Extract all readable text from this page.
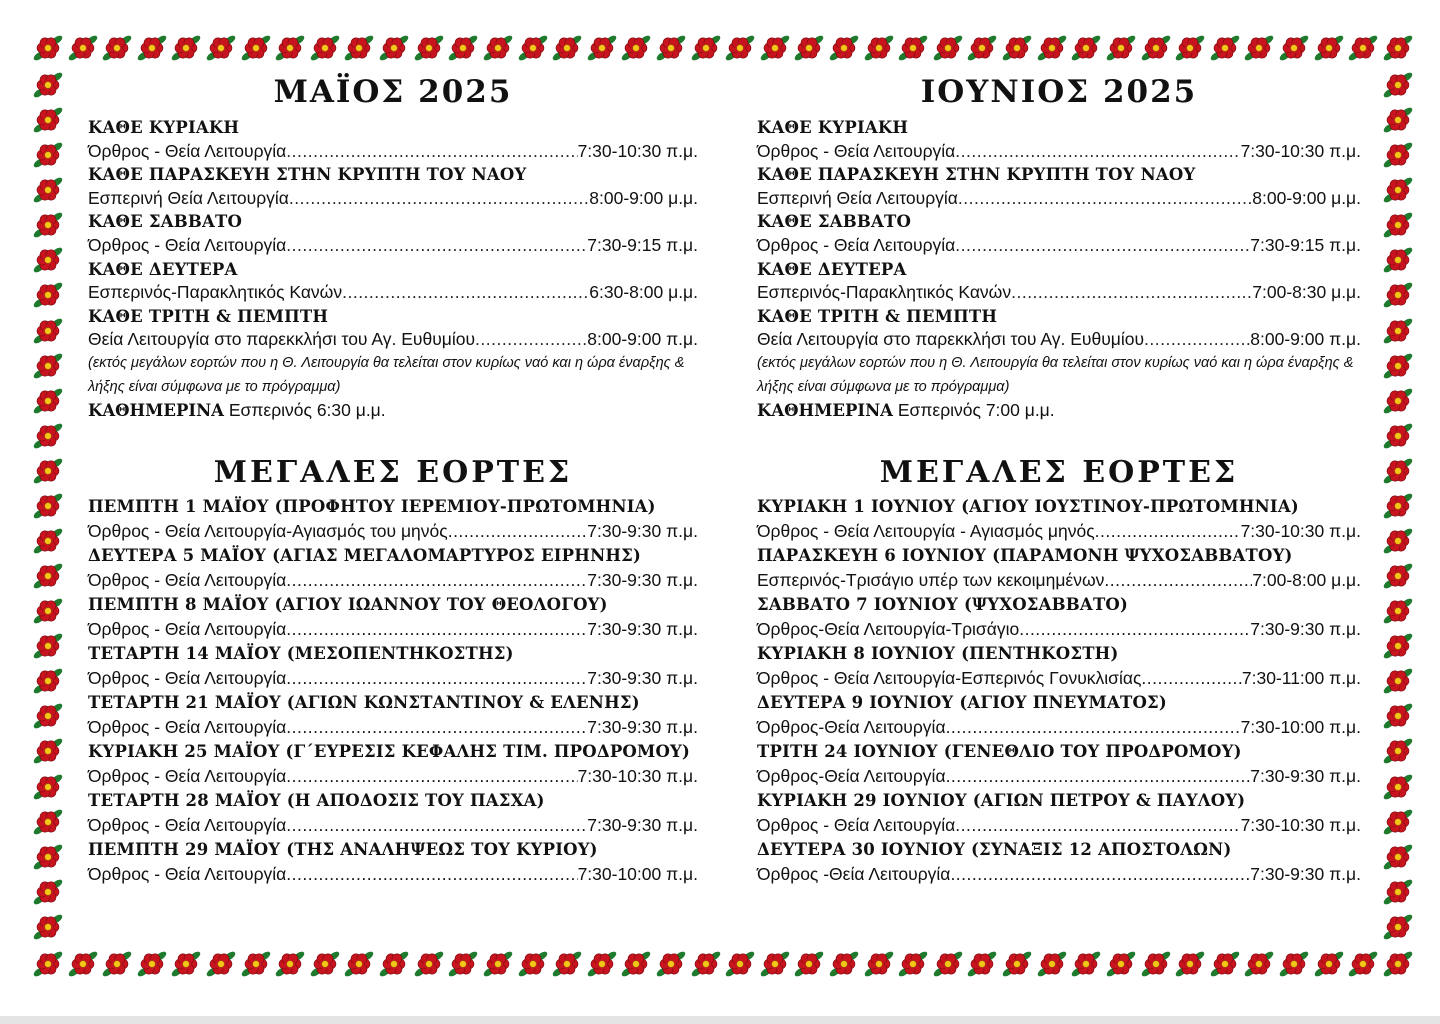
ΜΑΪΟΣ 2025
ΚΑΘΕ ΚΥΡΙΑΚΗ
Όρθρος - Θεία Λειτουργία .....	7:30-10:30 π.μ.
ΚΑΘΕ ΠΑΡΑΣΚΕΥΗ ΣΤΗΝ ΚΡΥΠΤΗ ΤΟΥ ΝΑΟΥ
Εσπερινή Θεία Λειτουργία .....	8:00-9:00 μ.μ.
ΚΑΘΕ ΣΑΒΒΑΤΟ
Όρθρος - Θεία Λειτουργία .....	7:30-9:15 π.μ.
ΚΑΘΕ ΔΕΥΤΕΡΑ
Εσπερινός-Παρακλητικός Κανών .....	6:30-8:00 μ.μ.
ΚΑΘΕ ΤΡΙΤΗ & ΠΕΜΠΤΗ
Θεία Λειτουργία στο παρεκκλήσι του Αγ. Ευθυμίου .....	8:00-9:00 π.μ.
(εκτός μεγάλων εορτών που η Θ. Λειτουργία θα τελείται στον κυρίως ναό και η ώρα έναρξης & λήξης είναι σύμφωνα με το πρόγραμμα)
ΚΑΘΗΜΕΡΙΝΑ Εσπερινός 6:30 μ.μ.
ΜΕΓΑΛΕΣ ΕΟΡΤΕΣ
ΠΕΜΠΤΗ 1 ΜΑΪΟΥ (ΠΡΟΦΗΤΟΥ ΙΕΡΕΜΙΟΥ-ΠΡΩΤΟΜΗΝΙΑ)
Όρθρος - Θεία Λειτουργία-Αγιασμός του μηνός .....	7:30-9:30 π.μ.
ΔΕΥΤΕΡΑ 5 ΜΑΪΟΥ (ΑΓΙΑΣ ΜΕΓΑΛΟΜΑΡΤΥΡΟΣ ΕΙΡΗΝΗΣ)
Όρθρος - Θεία Λειτουργία .....	7:30-9:30 π.μ.
ΠΕΜΠΤΗ 8 ΜΑΪΟΥ (ΑΓΙΟΥ ΙΩΑΝΝΟΥ ΤΟΥ ΘΕΟΛΟΓΟΥ)
Όρθρος - Θεία Λειτουργία .....	7:30-9:30 π.μ.
ΤΕΤΑΡΤΗ 14 ΜΑΪΟΥ (ΜΕΣΟΠΕΝΤΗΚΟΣΤΗΣ)
Όρθρος - Θεία Λειτουργία .....	7:30-9:30 π.μ.
ΤΕΤΑΡΤΗ 21 ΜΑΪΟΥ (ΑΓΙΩΝ ΚΩΝΣΤΑΝΤΙΝΟΥ & ΕΛΕΝΗΣ)
Όρθρος - Θεία Λειτουργία .....	7:30-9:30 π.μ.
ΚΥΡΙΑΚΗ 25 ΜΑΪΟΥ (Γ΄ΕΥΡΕΣΙΣ ΚΕΦΑΛΗΣ ΤΙΜ. ΠΡΟΔΡΟΜΟΥ)
Όρθρος - Θεία Λειτουργία .....	7:30-10:30 π.μ.
ΤΕΤΑΡΤΗ 28 ΜΑΪΟΥ (Η ΑΠΟΔΟΣΙΣ ΤΟΥ ΠΑΣΧΑ)
Όρθρος - Θεία Λειτουργία .....	7:30-9:30 π.μ.
ΠΕΜΠΤΗ 29 ΜΑΪΟΥ (ΤΗΣ ΑΝΑΛΗΨΕΩΣ ΤΟΥ ΚΥΡΙΟΥ)
Όρθρος - Θεία Λειτουργία .....	7:30-10:00 π.μ.
ΙΟΥΝΙΟΣ 2025
ΚΑΘΕ ΚΥΡΙΑΚΗ
Όρθρος - Θεία Λειτουργία .....	7:30-10:30 π.μ.
ΚΑΘΕ ΠΑΡΑΣΚΕΥΗ ΣΤΗΝ ΚΡΥΠΤΗ ΤΟΥ ΝΑΟΥ
Εσπερινή Θεία Λειτουργία .....	8:00-9:00 μ.μ.
ΚΑΘΕ ΣΑΒΒΑΤΟ
Όρθρος - Θεία Λειτουργία .....	7:30-9:15 π.μ.
ΚΑΘΕ ΔΕΥΤΕΡΑ
Εσπερινός-Παρακλητικός Κανών .....	7:00-8:30 μ.μ.
ΚΑΘΕ ΤΡΙΤΗ & ΠΕΜΠΤΗ
Θεία Λειτουργία στο παρεκκλήσι του Αγ. Ευθυμίου .....	8:00-9:00 π.μ.
(εκτός μεγάλων εορτών που η Θ. Λειτουργία θα τελείται στον κυρίως ναό και η ώρα έναρξης & λήξης είναι σύμφωνα με το πρόγραμμα)
ΚΑΘΗΜΕΡΙΝΑ Εσπερινός 7:00 μ.μ.
ΜΕΓΑΛΕΣ ΕΟΡΤΕΣ
ΚΥΡΙΑΚΗ 1 ΙΟΥΝΙΟΥ (ΑΓΙΟΥ ΙΟΥΣΤΙΝΟΥ-ΠΡΩΤΟΜΗΝΙΑ)
Όρθρος - Θεία Λειτουργία - Αγιασμός μηνός .....	7:30-10:30 π.μ.
ΠΑΡΑΣΚΕΥΗ 6 ΙΟΥΝΙΟΥ (ΠΑΡΑΜΟΝΗ ΨΥΧΟΣΑΒΒΑΤΟΥ)
Εσπερινός-Τρισάγιο υπέρ των κεκοιμημένων .....	7:00-8:00 μ.μ.
ΣΑΒΒΑΤΟ 7 ΙΟΥΝΙΟΥ (ΨΥΧΟΣΑΒΒΑΤΟ)
Όρθρος-Θεία Λειτουργία-Τρισάγιο .....	7:30-9:30 π.μ.
ΚΥΡΙΑΚΗ 8 ΙΟΥΝΙΟΥ (ΠΕΝΤΗΚΟΣΤΗ)
Όρθρος - Θεία Λειτουργία-Εσπερινός Γονυκλισίας .....	7:30-11:00 π.μ.
ΔΕΥΤΕΡΑ 9 ΙΟΥΝΙΟΥ (ΑΓΙΟΥ ΠΝΕΥΜΑΤΟΣ)
Όρθρος-Θεία Λειτουργία .....	7:30-10:00 π.μ.
ΤΡΙΤΗ 24 ΙΟΥΝΙΟΥ (ΓΕΝΕΘΛΙΟ ΤΟΥ ΠΡΟΔΡΟΜΟΥ)
Όρθρος-Θεία Λειτουργία .....	7:30-9:30 π.μ.
ΚΥΡΙΑΚΗ 29 ΙΟΥΝΙΟΥ (ΑΓΙΩΝ ΠΕΤΡΟΥ & ΠΑΥΛΟΥ)
Όρθρος - Θεία Λειτουργία .....	7:30-10:30 π.μ.
ΔΕΥΤΕΡΑ 30 ΙΟΥΝΙΟΥ (ΣΥΝΑΞΙΣ 12 ΑΠΟΣΤΟΛΩΝ)
Όρθρος -Θεία Λειτουργία .....	7:30-9:30 π.μ.
